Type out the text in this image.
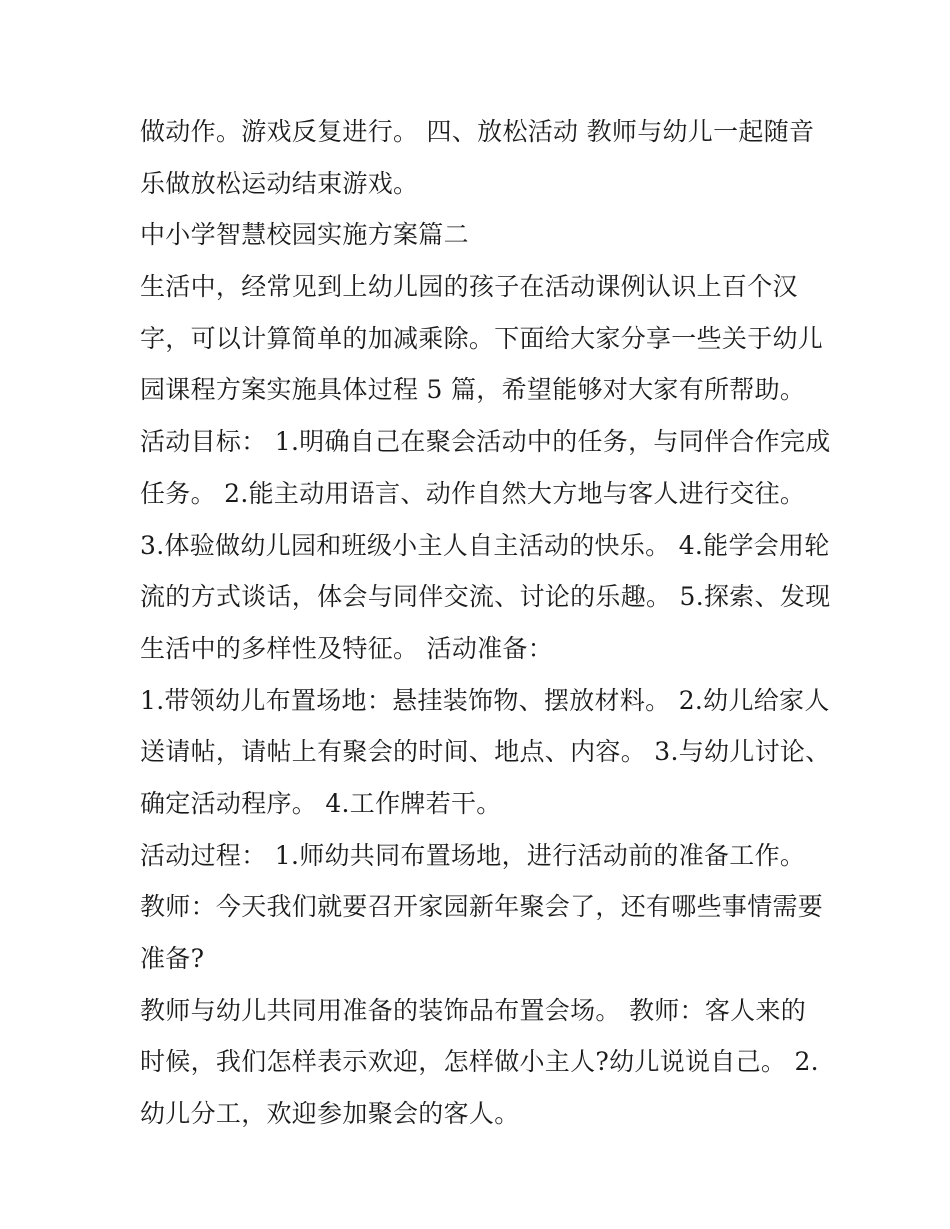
做动作。游戏反复进行。 四、放松活动 教师与幼儿一起随音
乐做放松运动结束游戏。
中小学智慧校园实施方案篇二
生活中，经常见到上幼儿园的孩子在活动课例认识上百个汉
字，可以计算简单的加减乘除。下面给大家分享一些关于幼儿
园课程方案实施具体过程 5 篇，希望能够对大家有所帮助。
活动目标： 1.明确自己在聚会活动中的任务，与同伴合作完成
任务。 2.能主动用语言、动作自然大方地与客人进行交往。
3.体验做幼儿园和班级小主人自主活动的快乐。 4.能学会用轮
流的方式谈话，体会与同伴交流、讨论的乐趣。 5.探索、发现
生活中的多样性及特征。 活动准备：
1.带领幼儿布置场地：悬挂装饰物、摆放材料。 2.幼儿给家人
送请帖，请帖上有聚会的时间、地点、内容。 3.与幼儿讨论、
确定活动程序。 4.工作牌若干。
活动过程： 1.师幼共同布置场地，进行活动前的准备工作。
教师：今天我们就要召开家园新年聚会了，还有哪些事情需要
准备?
教师与幼儿共同用准备的装饰品布置会场。 教师：客人来的
时候，我们怎样表示欢迎，怎样做小主人?幼儿说说自己。 2.
幼儿分工，欢迎参加聚会的客人。
